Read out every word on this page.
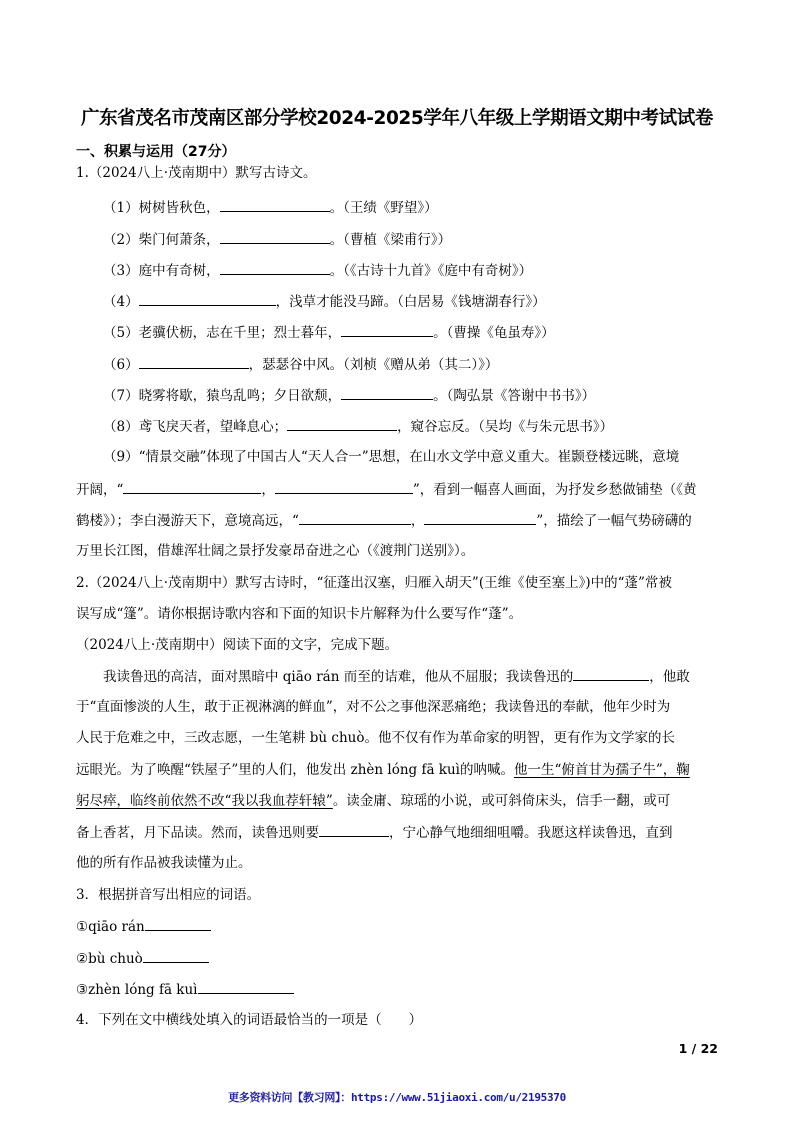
广东省茂名市茂南区部分学校2024-2025学年八年级上学期语文期中考试试卷
一、积累与运用（27分）
1.（2024八上·茂南期中）默写古诗文。
（1）树树皆秋色，	。（王绩《野望》）
（2）柴门何萧条，	。（曹植《梁甫行》）
（3）庭中有奇树，	。（《古诗十九首》《庭中有奇树》）
（4）	，浅草才能没马蹄。（白居易《钱塘湖春行》）
（5）老骥伏枥，志在千里；烈士暮年，	。（曹操《龟虽寿》）
（6）	，瑟瑟谷中风。（刘桢《赠从弟（其二）》）
（7）晓雾将歇，猿鸟乱鸣；夕日欲颓，	。（陶弘景《答谢中书书》）
（8）鸢飞戾天者，望峰息心；	，窥谷忘反。（吴均《与朱元思书》）
（9）“情景交融”体现了中国古人“天人合一”思想，在山水文学中意义重大。崔颢登楼远眺，意境
开阔，“	，	”，看到一幅喜人画面，为抒发乡愁做铺垫（《黄
鹤楼》）；李白漫游天下，意境高远，“	，	”，描绘了一幅气势磅礴的
万里长江图，借雄浑壮阔之景抒发豪昂奋进之心（《渡荆门送别》）。
2.（2024八上·茂南期中）默写古诗时，“征蓬出汉塞，归雁入胡天”(王维《使至塞上》)中的“蓬”常被
误写成“篷”。请你根据诗歌内容和下面的知识卡片解释为什么要写作“蓬”。
（2024八上·茂南期中）阅读下面的文字，完成下题。
我读鲁迅的高洁，面对黑暗中 qiāo rán 而至的诘难，他从不屈服；我读鲁迅的	，他敢
于“直面惨淡的人生，敢于正视淋漓的鲜血”，对不公之事他深恶痛绝；我读鲁迅的奉献，他年少时为
人民于危难之中，三改志愿，一生笔耕 bù chuò。他不仅有作为革命家的明智，更有作为文学家的长
远眼光。为了唤醒“铁屋子”里的人们，他发出 zhèn lóng fā kuì的呐喊。他一生“俯首甘为孺子牛”，鞠
躬尽瘁，临终前依然不改“我以我血荐轩辕”。读金庸、琼瑶的小说，或可斜倚床头，信手一翻，或可
备上香茗，月下品读。然而，读鲁迅则要	，宁心静气地细细咀嚼。我愿这样读鲁迅，直到
他的所有作品被我读懂为止。
3．根据拼音写出相应的词语。
①qiāo rán
②bù chuò
③zhèn lóng fā kuì
4．下列在文中横线处填入的词语最恰当的一项是（　　）
1 / 22
更多资料访问【教习网】：https://www.51jiaoxi.com/u/2195370
